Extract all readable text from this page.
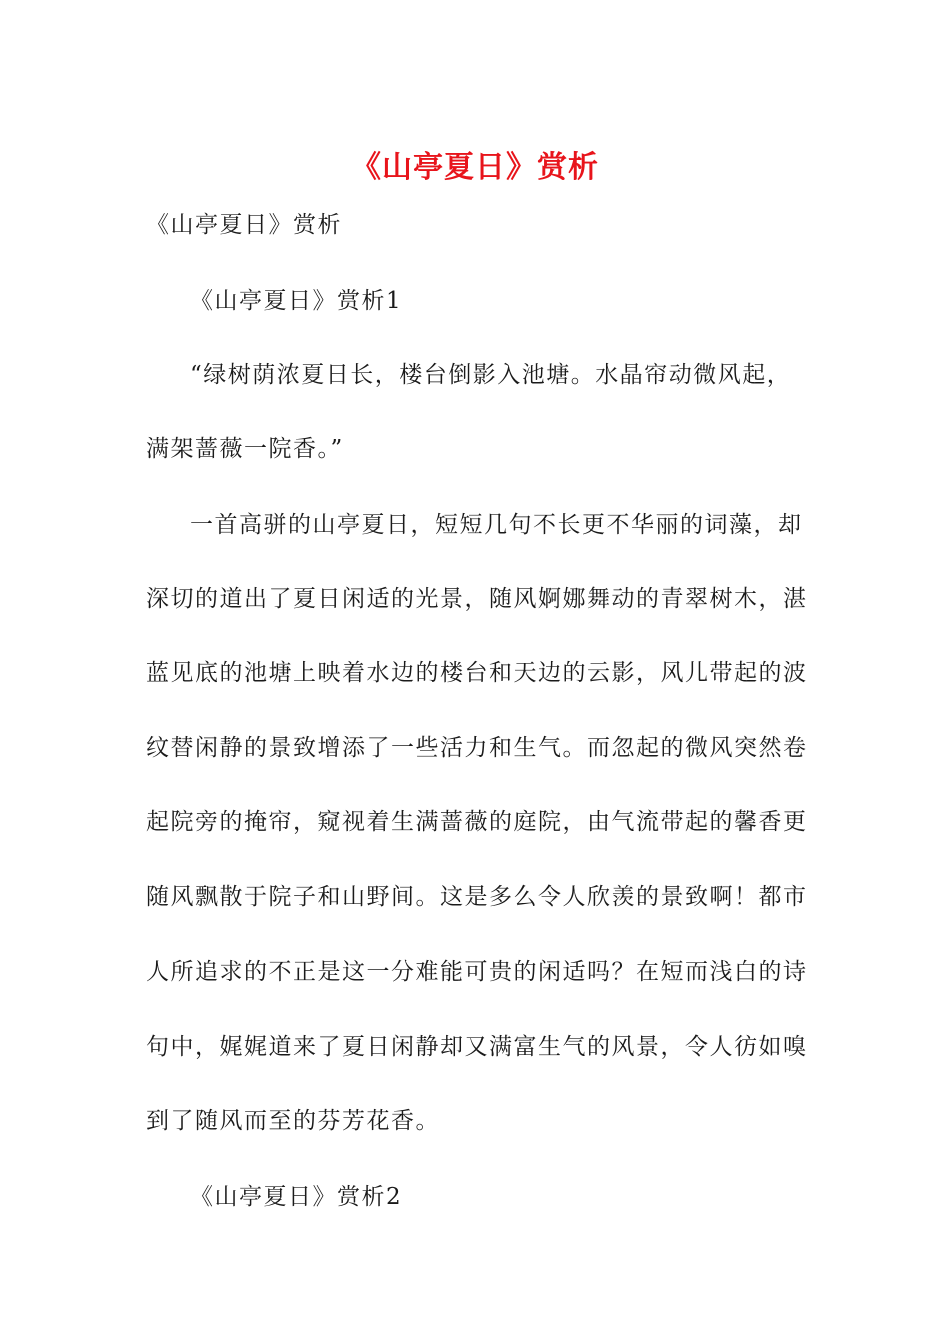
《山亭夏日》赏析
《山亭夏日》赏析
《山亭夏日》赏析1
“绿树荫浓夏日长，楼台倒影入池塘。水晶帘动微风起，
满架蔷薇一院香。”
一首高骈的山亭夏日，短短几句不长更不华丽的词藻，却
深切的道出了夏日闲适的光景，随风婀娜舞动的青翠树木，湛
蓝见底的池塘上映着水边的楼台和天边的云影，风儿带起的波
纹替闲静的景致增添了一些活力和生气。而忽起的微风突然卷
起院旁的掩帘，窥视着生满蔷薇的庭院，由气流带起的馨香更
随风飘散于院子和山野间。这是多么令人欣羡的景致啊！都市
人所追求的不正是这一分难能可贵的闲适吗？在短而浅白的诗
句中，娓娓道来了夏日闲静却又满富生气的风景，令人彷如嗅
到了随风而至的芬芳花香。
《山亭夏日》赏析2
